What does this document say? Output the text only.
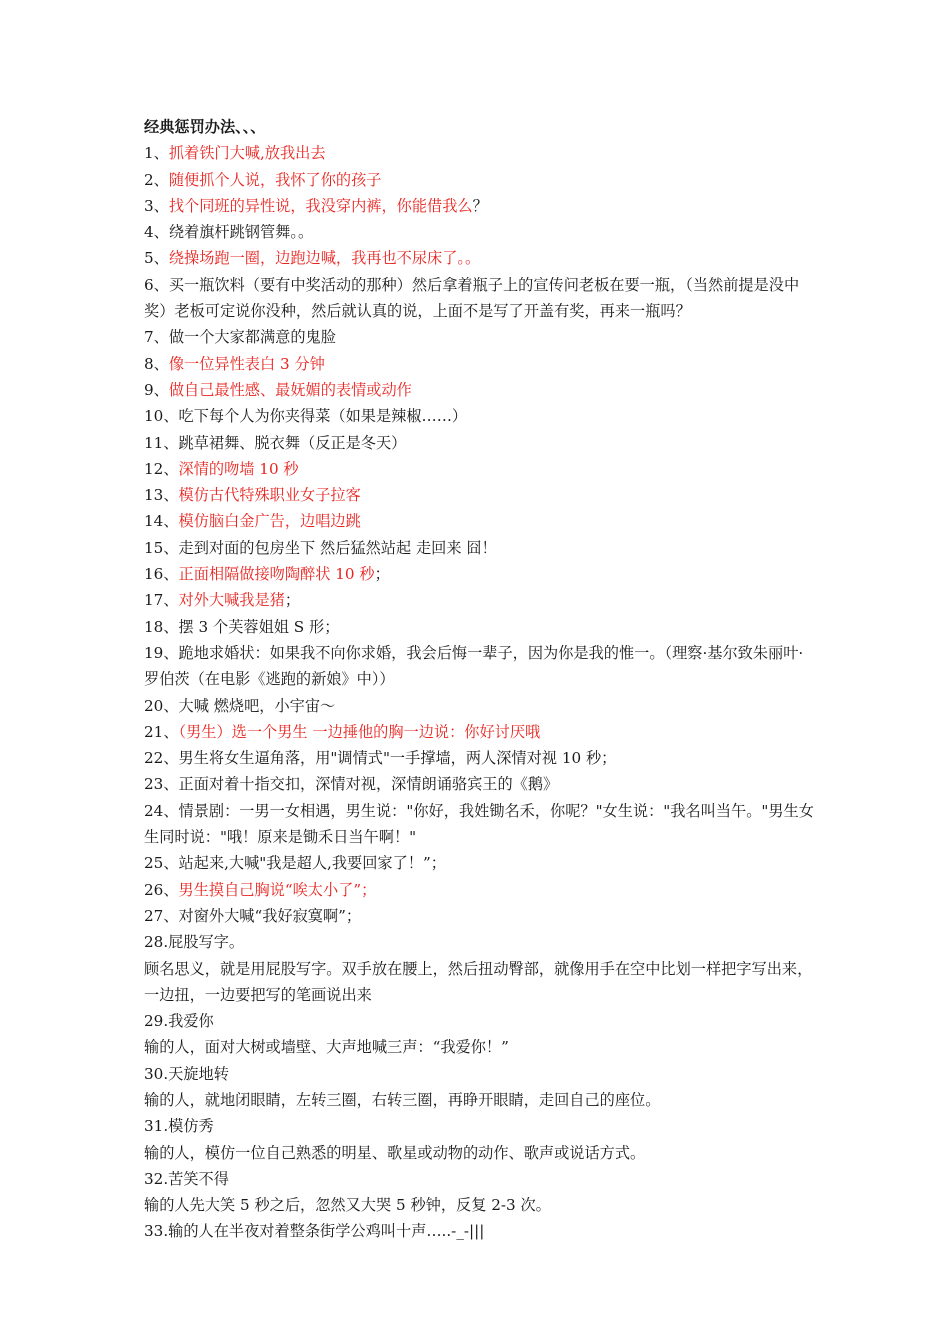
经典惩罚办法、、、
1、抓着铁门大喊,放我出去
2、随便抓个人说，我怀了你的孩子
3、找个同班的异性说，我没穿内裤，你能借我么？
4、绕着旗杆跳钢管舞。。
5、绕操场跑一圈，边跑边喊，我再也不尿床了。。
6、买一瓶饮料（要有中奖活动的那种）然后拿着瓶子上的宣传问老板在要一瓶，（当然前提是没中奖）老板可定说你没种，然后就认真的说，上面不是写了开盖有奖，再来一瓶吗？
7、做一个大家都满意的鬼脸
8、像一位异性表白 3 分钟
9、做自己最性感、最妩媚的表情或动作
10、吃下每个人为你夹得菜（如果是辣椒……）
11、跳草裙舞、脱衣舞（反正是冬天）
12、深情的吻墙 10 秒
13、模仿古代特殊职业女子拉客
14、模仿脑白金广告，边唱边跳
15、走到对面的包房坐下 然后猛然站起 走回来 囧！
16、正面相隔做接吻陶醉状 10 秒；
17、对外大喊我是猪；
18、摆 3 个芙蓉姐姐 S 形；
19、跪地求婚状：如果我不向你求婚，我会后悔一辈子，因为你是我的惟一。（理察·基尔致朱丽叶·罗伯茨（在电影《逃跑的新娘》中））
20、大喊 燃烧吧，小宇宙～
21、（男生）选一个男生 一边捶他的胸一边说：你好讨厌哦
22、男生将女生逼角落，用"调情式"一手撑墙，两人深情对视 10 秒；
23、正面对着十指交扣，深情对视，深情朗诵骆宾王的《鹅》
24、情景剧：一男一女相遇，男生说："你好，我姓锄名禾，你呢？"女生说："我名叫当午。"男生女生同时说："哦！原来是锄禾日当午啊！"
25、站起来,大喊"我是超人,我要回家了！”；
26、男生摸自己胸说“唉太小了”；
27、对窗外大喊“我好寂寞啊”；
28.屁股写字。
顾名思义，就是用屁股写字。双手放在腰上，然后扭动臀部，就像用手在空中比划一样把字写出来，一边扭，一边要把写的笔画说出来
29.我爱你
输的人，面对大树或墙壁、大声地喊三声：“我爱你！”
30.天旋地转
输的人，就地闭眼睛，左转三圈，右转三圈，再睁开眼睛，走回自己的座位。
31.模仿秀
输的人，模仿一位自己熟悉的明星、歌星或动物的动作、歌声或说话方式。
32.苦笑不得
输的人先大笑 5 秒之后，忽然又大哭 5 秒钟，反复 2-3 次。
33.输的人在半夜对着整条街学公鸡叫十声…..-_-|||
